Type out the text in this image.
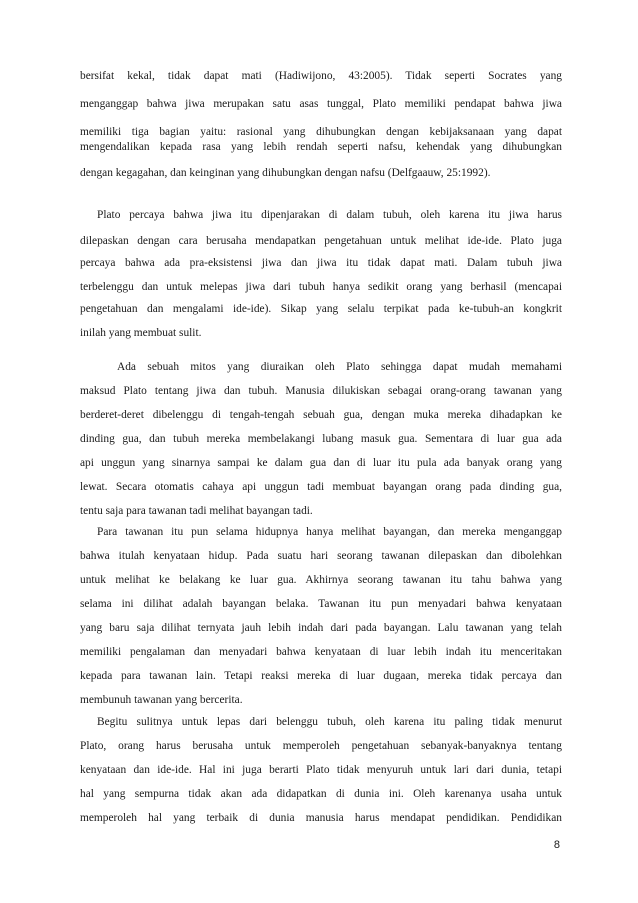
bersifat kekal, tidak dapat mati (Hadiwijono, 43:2005). Tidak seperti Socrates yang
menganggap bahwa jiwa merupakan satu asas tunggal, Plato memiliki pendapat bahwa jiwa
memiliki tiga bagian yaitu: rasional yang dihubungkan dengan kebijaksanaan yang dapat
mengendalikan kepada rasa yang lebih rendah seperti nafsu, kehendak yang dihubungkan
dengan kegagahan, dan keinginan yang dihubungkan dengan nafsu (Delfgaauw, 25:1992).
Plato percaya bahwa jiwa itu dipenjarakan di dalam tubuh, oleh karena itu jiwa harus
dilepaskan dengan cara berusaha mendapatkan pengetahuan untuk melihat ide-ide. Plato juga
percaya bahwa ada pra-eksistensi jiwa dan jiwa itu tidak dapat mati. Dalam tubuh jiwa
terbelenggu dan untuk melepas jiwa dari tubuh hanya sedikit orang yang berhasil (mencapai
pengetahuan dan mengalami ide-ide). Sikap yang selalu terpikat pada ke-tubuh-an kongkrit
inilah yang membuat sulit.
Ada sebuah mitos yang diuraikan oleh Plato sehingga dapat mudah memahami
maksud Plato tentang jiwa dan tubuh. Manusia dilukiskan sebagai orang-orang tawanan yang
berderet-deret dibelenggu di tengah-tengah sebuah gua, dengan muka mereka dihadapkan ke
dinding gua, dan tubuh mereka membelakangi lubang masuk gua. Sementara di luar gua ada
api unggun yang sinarnya sampai ke dalam gua dan di luar itu pula ada banyak orang yang
lewat. Secara otomatis cahaya api unggun tadi membuat bayangan orang pada dinding gua,
tentu saja para tawanan tadi melihat bayangan tadi.
Para tawanan itu pun selama hidupnya hanya melihat bayangan, dan mereka menganggap
bahwa itulah kenyataan hidup. Pada suatu hari seorang tawanan dilepaskan dan dibolehkan
untuk melihat ke belakang ke luar gua. Akhirnya seorang tawanan itu tahu bahwa yang
selama ini dilihat adalah bayangan belaka. Tawanan itu pun menyadari bahwa kenyataan
yang baru saja dilihat ternyata jauh lebih indah dari pada bayangan. Lalu tawanan yang telah
memiliki pengalaman dan menyadari bahwa kenyataan di luar lebih indah itu menceritakan
kepada para tawanan lain. Tetapi reaksi mereka di luar dugaan, mereka tidak percaya dan
membunuh tawanan yang bercerita.
Begitu sulitnya untuk lepas dari belenggu tubuh, oleh karena itu paling tidak menurut
Plato, orang harus berusaha untuk memperoleh pengetahuan sebanyak-banyaknya tentang
kenyataan dan ide-ide. Hal ini juga berarti Plato tidak menyuruh untuk lari dari dunia, tetapi
hal yang sempurna tidak akan ada didapatkan di dunia ini. Oleh karenanya usaha untuk
memperoleh hal yang terbaik di dunia manusia harus mendapat pendidikan. Pendidikan
8
